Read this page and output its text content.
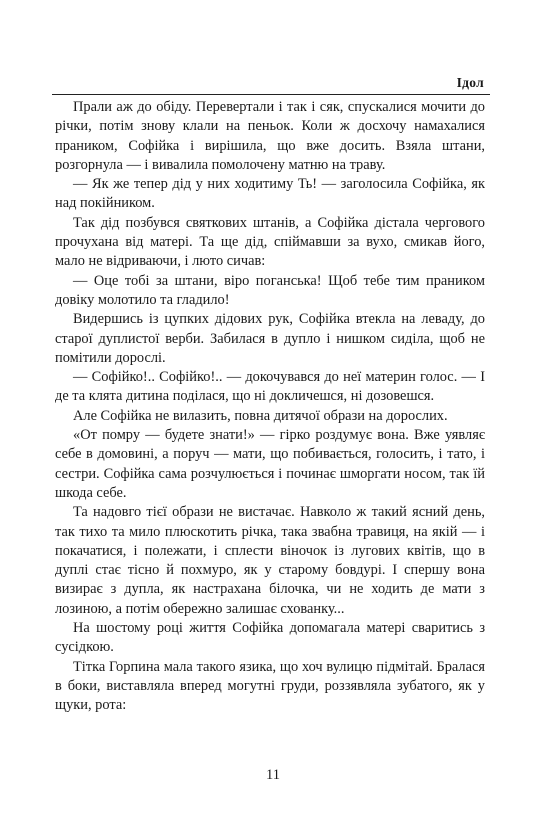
Ідол

Прали аж до обіду. Перевертали і так і сяк, спускалися мочити до річки, потім знову клали на пеньок. Коли ж досхочу намахалися праником, Софійка і вирішила, що вже досить. Взяла штани, розгорнула — і вивалила помолочену матню на траву.

— Як же тепер дід у них ходитиму Ть! — заголосила Софійка, як над покійником.

Так дід позбувся святкових штанів, а Софійка дістала чергового прочухана від матері. Та ще дід, спіймавши за вухо, смикав його, мало не відриваючи, і люто сичав:

— Оце тобі за штани, віро поганська! Щоб тебе тим праником довіку молотило та гладило!

Видершись із цупких дідових рук, Софійка втекла на леваду, до старої дуплистої верби. Забилася в дупло і нишком сиділа, щоб не помітили дорослі.

— Софійко!.. Софійко!.. — докочувався до неї материн голос. — І де та клята дитина поділася, що ні докличешся, ні дозовешся.

Але Софійка не вилазить, повна дитячої образи на дорослих.

«От помру — будете знати!» — гірко роздумує вона. Вже уявляє себе в домовині, а поруч — мати, що побивається, голосить, і тато, і сестри. Софійка сама розчулюється і починає шморгати носом, так їй шкода себе.

Та надовго тієї образи не вистачає. Навколо ж такий ясний день, так тихо та мило плюскотить річка, така звабна травиця, на якій — і покачатися, і полежати, і сплести віночок із лугових квітів, що в дуплі стає тісно й похмуро, як у старому бовдурі. І спершу вона визирає з дупла, як настрахана білочка, чи не ходить де мати з лозиною, а потім обережно залишає схованку...

На шостому році життя Софійка допомагала матері сваритись з сусідкою.

Тітка Горпина мала такого язика, що хоч вулицю підмітай. Бралася в боки, виставляла вперед могутні груди, роззявляла зубатого, як у щуки, рота:

11
